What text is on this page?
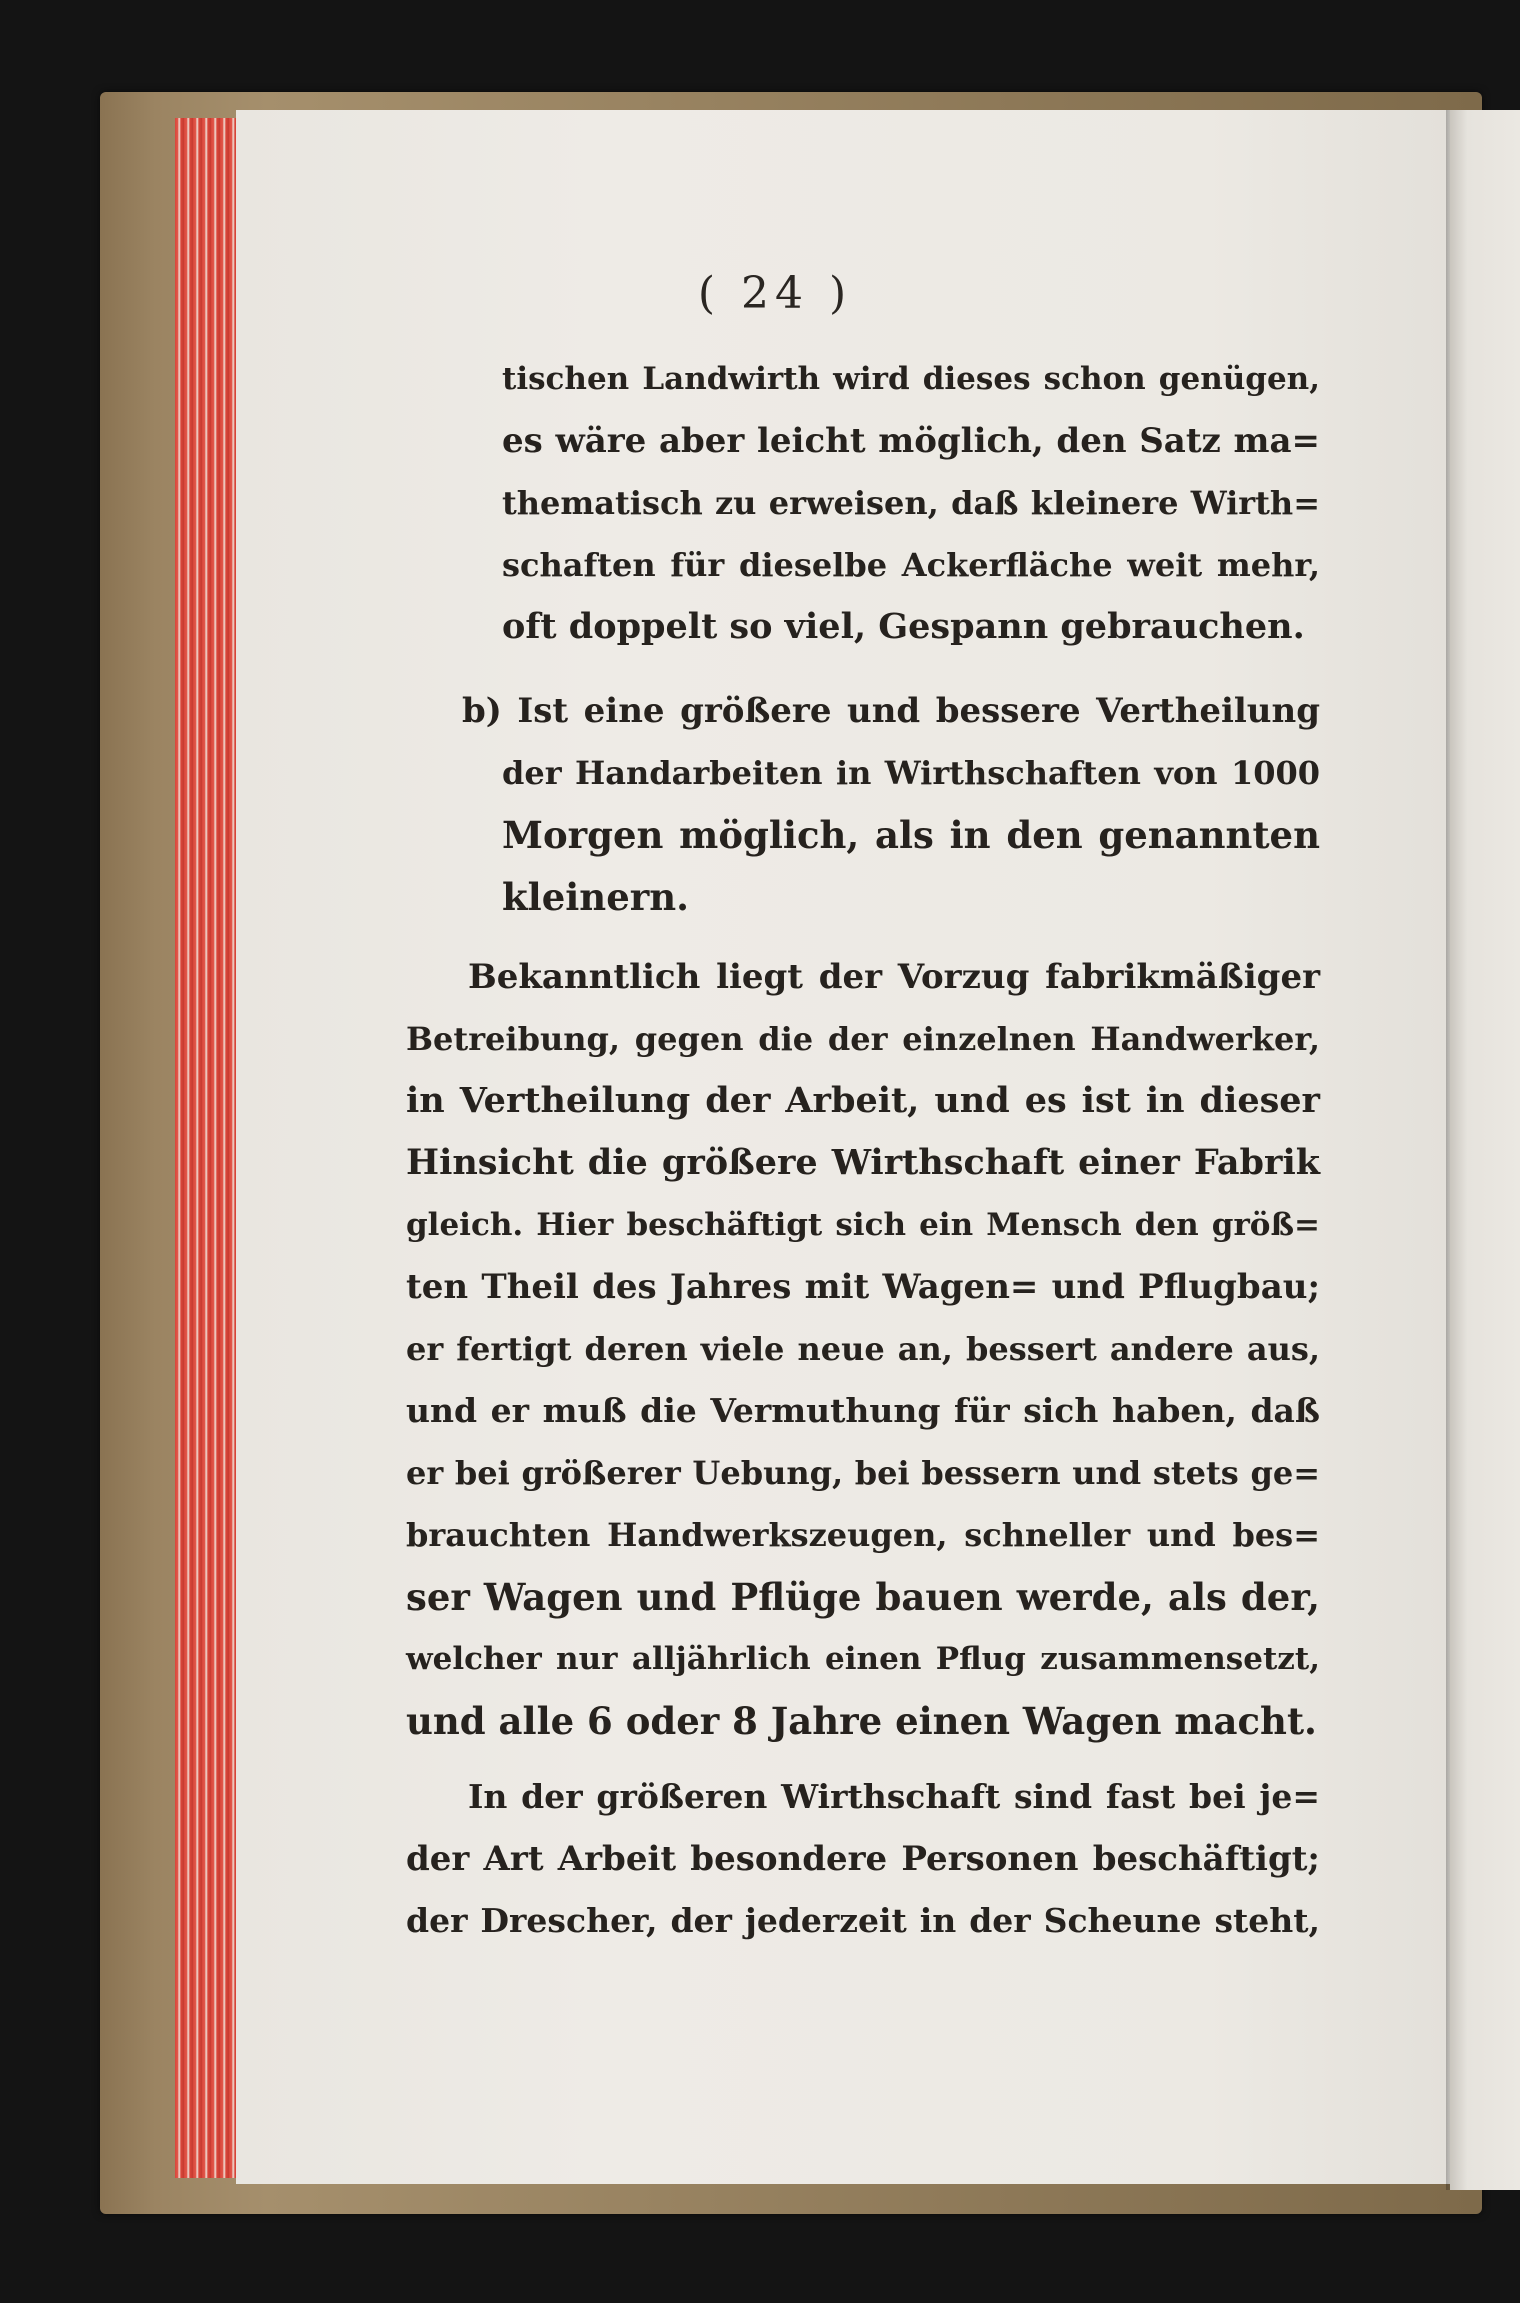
( 24 )
tischen Landwirth wird dieses schon genügen,
es wäre aber leicht möglich, den Satz ma=
thematisch zu erweisen, daß kleinere Wirth=
schaften für dieselbe Ackerfläche weit mehr,
oft doppelt so viel, Gespann gebrauchen.
b) Ist eine größere und bessere Vertheilung
der Handarbeiten in Wirthschaften von 1000
Morgen möglich, als in den genannten
kleinern.
Bekanntlich liegt der Vorzug fabrikmäßiger
Betreibung, gegen die der einzelnen Handwerker,
in Vertheilung der Arbeit, und es ist in dieser
Hinsicht die größere Wirthschaft einer Fabrik
gleich. Hier beschäftigt sich ein Mensch den größ=
ten Theil des Jahres mit Wagen= und Pflugbau;
er fertigt deren viele neue an, bessert andere aus,
und er muß die Vermuthung für sich haben, daß
er bei größerer Uebung, bei bessern und stets ge=
brauchten Handwerkszeugen, schneller und bes=
ser Wagen und Pflüge bauen werde, als der,
welcher nur alljährlich einen Pflug zusammensetzt,
und alle 6 oder 8 Jahre einen Wagen macht.
In der größeren Wirthschaft sind fast bei je=
der Art Arbeit besondere Personen beschäftigt;
der Drescher, der jederzeit in der Scheune steht,
